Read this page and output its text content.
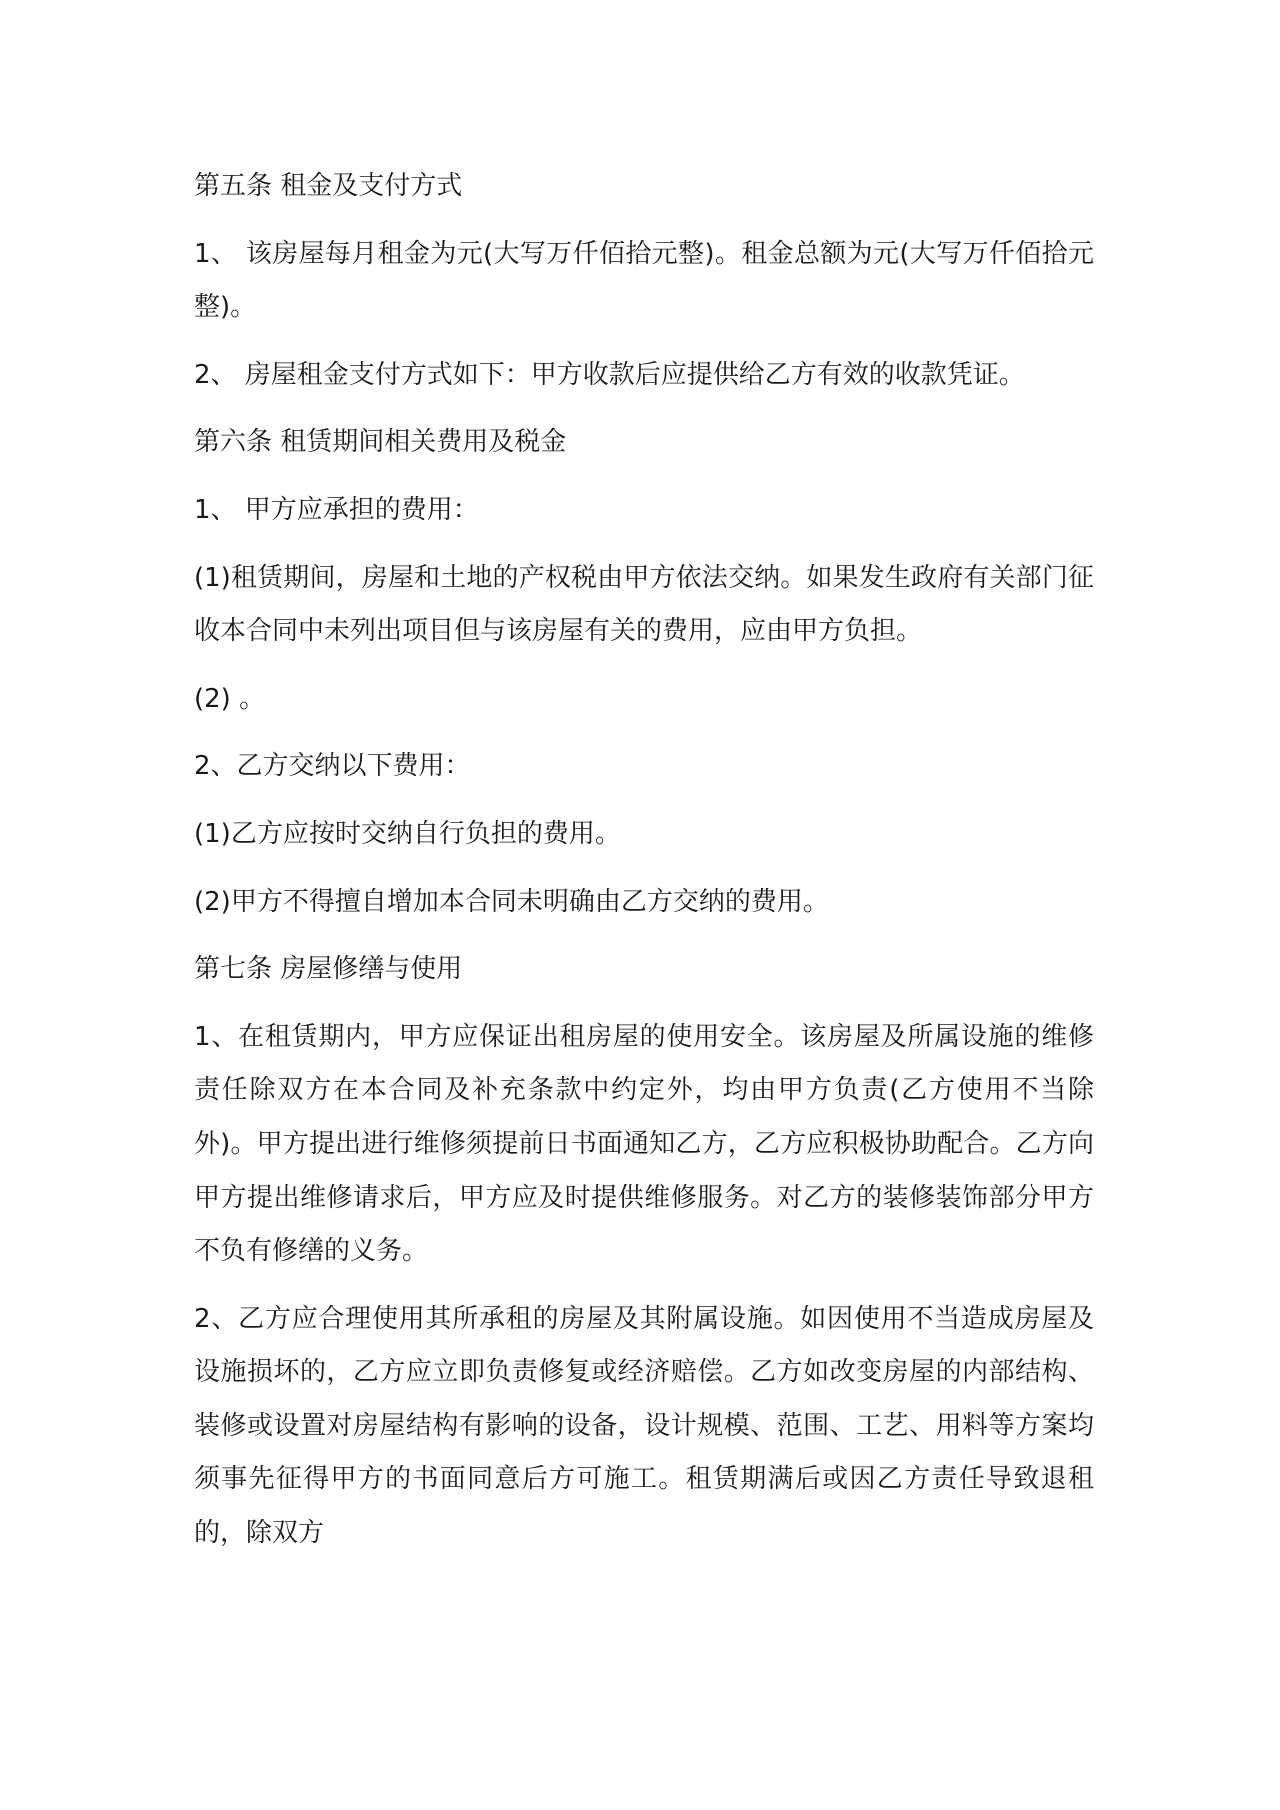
第五条 租金及支付方式

1、 该房屋每月租金为元(大写万仟佰拾元整)。租金总额为元(大写万仟佰拾元整)。

2、 房屋租金支付方式如下：甲方收款后应提供给乙方有效的收款凭证。

第六条 租赁期间相关费用及税金

1、 甲方应承担的费用：

(1)租赁期间，房屋和土地的产权税由甲方依法交纳。如果发生政府有关部门征收本合同中未列出项目但与该房屋有关的费用，应由甲方负担。

(2) 。

2、乙方交纳以下费用：

(1)乙方应按时交纳自行负担的费用。

(2)甲方不得擅自增加本合同未明确由乙方交纳的费用。

第七条 房屋修缮与使用

1、在租赁期内，甲方应保证出租房屋的使用安全。该房屋及所属设施的维修责任除双方在本合同及补充条款中约定外，均由甲方负责(乙方使用不当除外)。甲方提出进行维修须提前日书面通知乙方，乙方应积极协助配合。乙方向甲方提出维修请求后，甲方应及时提供维修服务。对乙方的装修装饰部分甲方不负有修缮的义务。

2、乙方应合理使用其所承租的房屋及其附属设施。如因使用不当造成房屋及设施损坏的，乙方应立即负责修复或经济赔偿。乙方如改变房屋的内部结构、装修或设置对房屋结构有影响的设备，设计规模、范围、工艺、用料等方案均须事先征得甲方的书面同意后方可施工。租赁期满后或因乙方责任导致退租的，除双方
